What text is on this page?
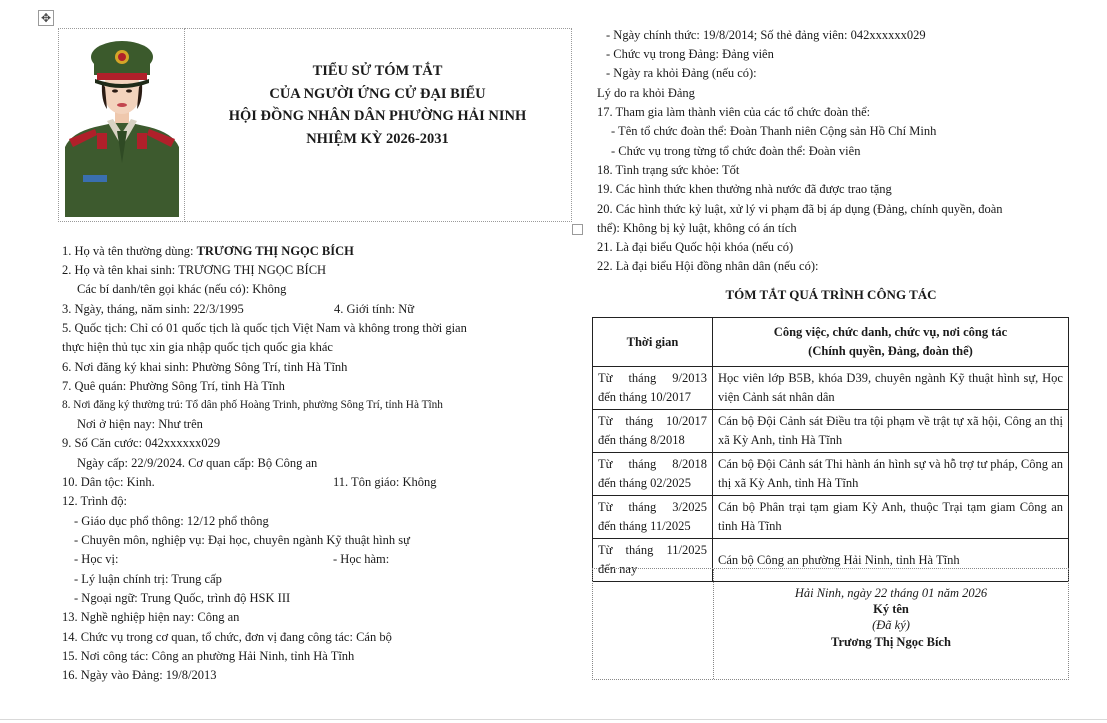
✥
TIỂU SỬ TÓM TẮT
CỦA NGƯỜI ỨNG CỬ ĐẠI BIỂU
HỘI ĐỒNG NHÂN DÂN PHƯỜNG HẢI NINH
NHIỆM KỲ 2026-2031
1. Họ và tên thường dùng: TRƯƠNG THỊ NGỌC BÍCH
2. Họ và tên khai sinh: TRƯƠNG THỊ NGỌC BÍCH
Các bí danh/tên gọi khác (nếu có): Không
3. Ngày, tháng, năm sinh: 22/3/1995	4. Giới tính: Nữ
5. Quốc tịch: Chỉ có 01 quốc tịch là quốc tịch Việt Nam và không trong thời gian
thực hiện thủ tục xin gia nhập quốc tịch quốc gia khác
6. Nơi đăng ký khai sinh: Phường Sông Trí, tỉnh Hà Tĩnh
7. Quê quán: Phường Sông Trí, tỉnh Hà Tĩnh
8. Nơi đăng ký thường trú: Tổ dân phố Hoàng Trinh, phường Sông Trí, tỉnh Hà Tĩnh
Nơi ở hiện nay: Như trên
9. Số Căn cước: 042xxxxxx029
Ngày cấp: 22/9/2024. Cơ quan cấp: Bộ Công an
10. Dân tộc: Kinh.	11. Tôn giáo: Không
12. Trình độ:
- Giáo dục phổ thông: 12/12 phổ thông
- Chuyên môn, nghiệp vụ: Đại học, chuyên ngành Kỹ thuật hình sự
- Học vị:	- Học hàm:
- Lý luận chính trị: Trung cấp
- Ngoại ngữ: Trung Quốc, trình độ HSK III
13. Nghề nghiệp hiện nay: Công an
14. Chức vụ trong cơ quan, tổ chức, đơn vị đang công tác: Cán bộ
15. Nơi công tác: Công an phường Hải Ninh, tỉnh Hà Tĩnh
16. Ngày vào Đảng: 19/8/2013
- Ngày chính thức: 19/8/2014; Số thẻ đảng viên: 042xxxxxx029
- Chức vụ trong Đảng: Đảng viên
- Ngày ra khỏi Đảng (nếu có):
Lý do ra khỏi Đảng
17. Tham gia làm thành viên của các tổ chức đoàn thể:
- Tên tổ chức đoàn thể: Đoàn Thanh niên Cộng sản Hồ Chí Minh
- Chức vụ trong từng tổ chức đoàn thể: Đoàn viên
18. Tình trạng sức khỏe: Tốt
19. Các hình thức khen thưởng nhà nước đã được trao tặng
20. Các hình thức kỷ luật, xử lý vi phạm đã bị áp dụng (Đảng, chính quyền, đoàn
thể): Không bị kỷ luật, không có án tích
21. Là đại biểu Quốc hội khóa (nếu có)
22. Là đại biểu Hội đồng nhân dân (nếu có):
TÓM TẮT QUÁ TRÌNH CÔNG TÁC
Thời gian	Công việc, chức danh, chức vụ, nơi công tác
(Chính quyền, Đảng, đoàn thể)

Từ tháng 9/2013
đến tháng 10/2017	Học viên lớp B5B, khóa D39, chuyên ngành Kỹ thuật hình sự, Học viện Cảnh sát nhân dân

Từ tháng 10/2017
đến tháng 8/2018	Cán bộ Đội Cảnh sát Điều tra tội phạm về trật tự xã hội, Công an thị xã Kỳ Anh, tỉnh Hà Tĩnh

Từ tháng 8/2018
đến tháng 02/2025	Cán bộ Đội Cảnh sát Thi hành án hình sự và hỗ trợ tư pháp, Công an thị xã Kỳ Anh, tỉnh Hà Tĩnh

Từ tháng 3/2025
đến tháng 11/2025	Cán bộ Phân trại tạm giam Kỳ Anh, thuộc Trại tạm giam Công an tỉnh Hà Tĩnh

Từ tháng 11/2025
đến nay	Cán bộ Công an phường Hải Ninh, tỉnh Hà Tĩnh
Hải Ninh, ngày 22 tháng 01 năm 2026
Ký tên
(Đã ký)
Trương Thị Ngọc Bích
